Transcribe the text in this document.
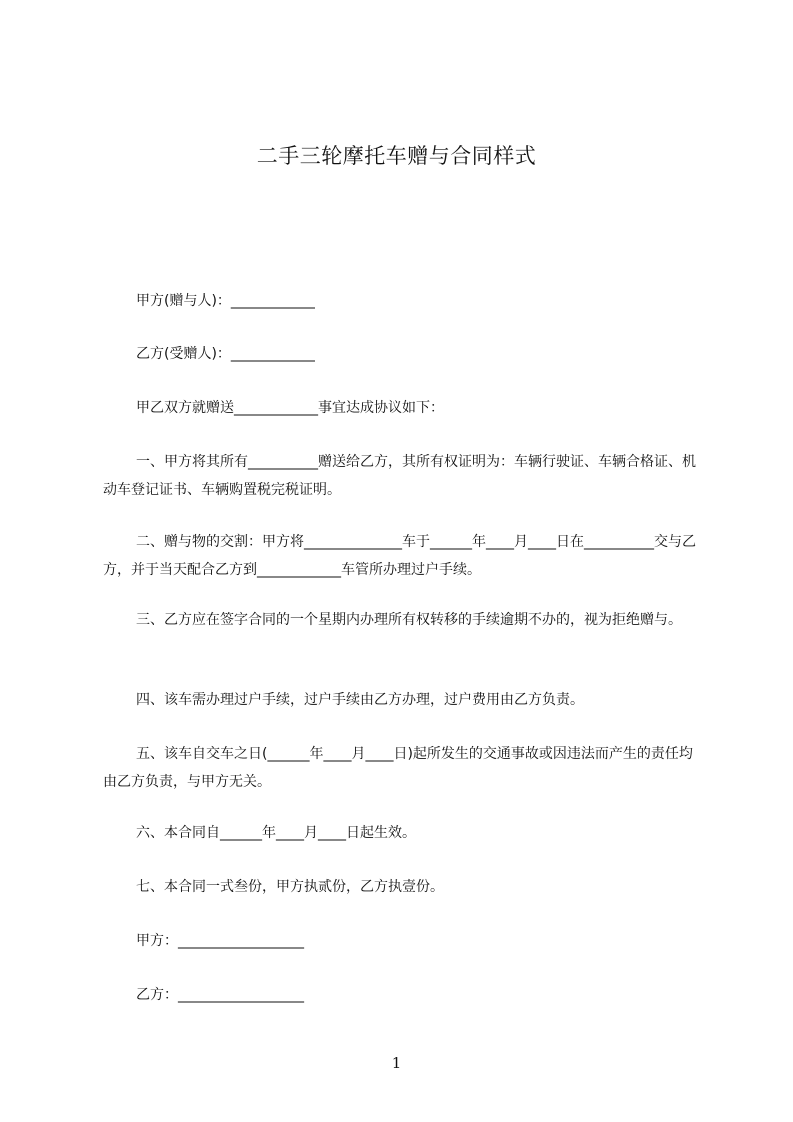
二手三轮摩托车赠与合同样式

甲方(赠与人)：____________

乙方(受赠人)：____________

甲乙双方就赠送____________事宜达成协议如下：

一、甲方将其所有__________赠送给乙方，其所有权证明为：车辆行驶证、车辆合格证、机动车登记证书、车辆购置税完税证明。

二、赠与物的交割：甲方将______________车于______年____月____日在__________交与乙方，并于当天配合乙方到____________车管所办理过户手续。

三、乙方应在签字合同的一个星期内办理所有权转移的手续逾期不办的，视为拒绝赠与。

四、该车需办理过户手续，过户手续由乙方办理，过户费用由乙方负责。

五、该车自交车之日(______年____月____日)起所发生的交通事故或因违法而产生的责任均由乙方负责，与甲方无关。

六、本合同自______年____月____日起生效。

七、本合同一式叁份，甲方执贰份，乙方执壹份。

甲方：__________________

乙方：__________________

1
